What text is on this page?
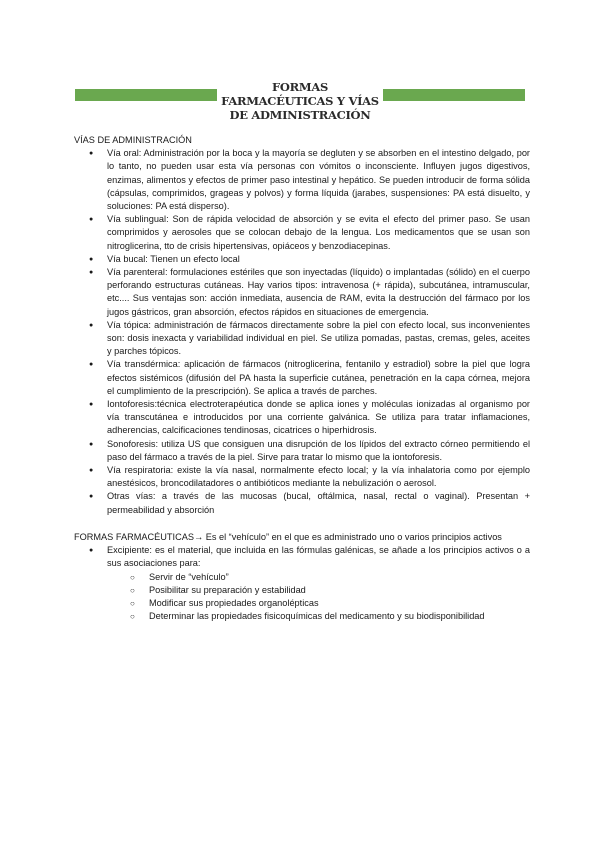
FORMAS
FARMACÉUTICAS Y VÍAS
DE ADMINISTRACIÓN

VÍAS DE ADMINISTRACIÓN

● Vía oral: Administración por la boca y la mayoría se degluten y se absorben en el intestino delgado, por lo tanto, no pueden usar esta vía personas con vómitos o inconsciente. Influyen jugos digestivos, enzimas, alimentos y efectos de primer paso intestinal y hepático. Se pueden introducir de forma sólida (cápsulas, comprimidos, grageas y polvos) y forma líquida (jarabes, suspensiones: PA está disuelto, y soluciones: PA está disperso).
● Vía sublingual: Son de rápida velocidad de absorción y se evita el efecto del primer paso. Se usan comprimidos y aerosoles que se colocan debajo de la lengua. Los medicamentos que se usan son nitroglicerina, tto de crisis hipertensivas, opiáceos y benzodiacepinas.
● Vía bucal: Tienen un efecto local
● Vía parenteral: formulaciones estériles que son inyectadas (líquido) o implantadas (sólido) en el cuerpo perforando estructuras cutáneas. Hay varios tipos: intravenosa (+ rápida), subcutánea, intramuscular, etc.... Sus ventajas son: acción inmediata, ausencia de RAM, evita la destrucción del fármaco por los jugos gástricos, gran absorción, efectos rápidos en situaciones de emergencia.
● Vía tópica: administración de fármacos directamente sobre la piel con efecto local, sus inconvenientes son: dosis inexacta y variabilidad individual en piel. Se utiliza pomadas, pastas, cremas, geles, aceites y parches tópicos.
● Vía transdérmica: aplicación de fármacos (nitroglicerina, fentanilo y estradiol) sobre la piel que logra efectos sistémicos (difusión del PA hasta la superficie cutánea, penetración en la capa córnea, mejora el cumplimiento de la prescripción). Se aplica a través de parches.
● Iontoforesis:técnica electroterapéutica donde se aplica iones y moléculas ionizadas al organismo por vía transcutánea e introducidos por una corriente galvánica. Se utiliza para tratar inflamaciones, adherencias, calcificaciones tendinosas, cicatrices o hiperhidrosis.
● Sonoforesis: utiliza US que consiguen una disrupción de los lípidos del extracto córneo permitiendo el paso del fármaco a través de la piel. Sirve para tratar lo mismo que la iontoforesis.
● Vía respiratoria: existe la vía nasal, normalmente efecto local; y la vía inhalatoria como por ejemplo anestésicos, broncodilatadores o antibióticos mediante la nebulización o aerosol.
● Otras vías: a través de las mucosas (bucal, oftálmica, nasal, rectal o vaginal). Presentan + permeabilidad y absorción

FORMAS FARMACÉUTICAS→ Es el “vehículo” en el que es administrado uno o varios principios activos

● Excipiente: es el material, que incluida en las fórmulas galénicas, se añade a los principios activos o a sus asociaciones para:
○ Servir de “vehículo”
○ Posibilitar su preparación y estabilidad
○ Modificar sus propiedades organolépticas
○ Determinar las propiedades fisicoquímicas del medicamento y su biodisponibilidad
